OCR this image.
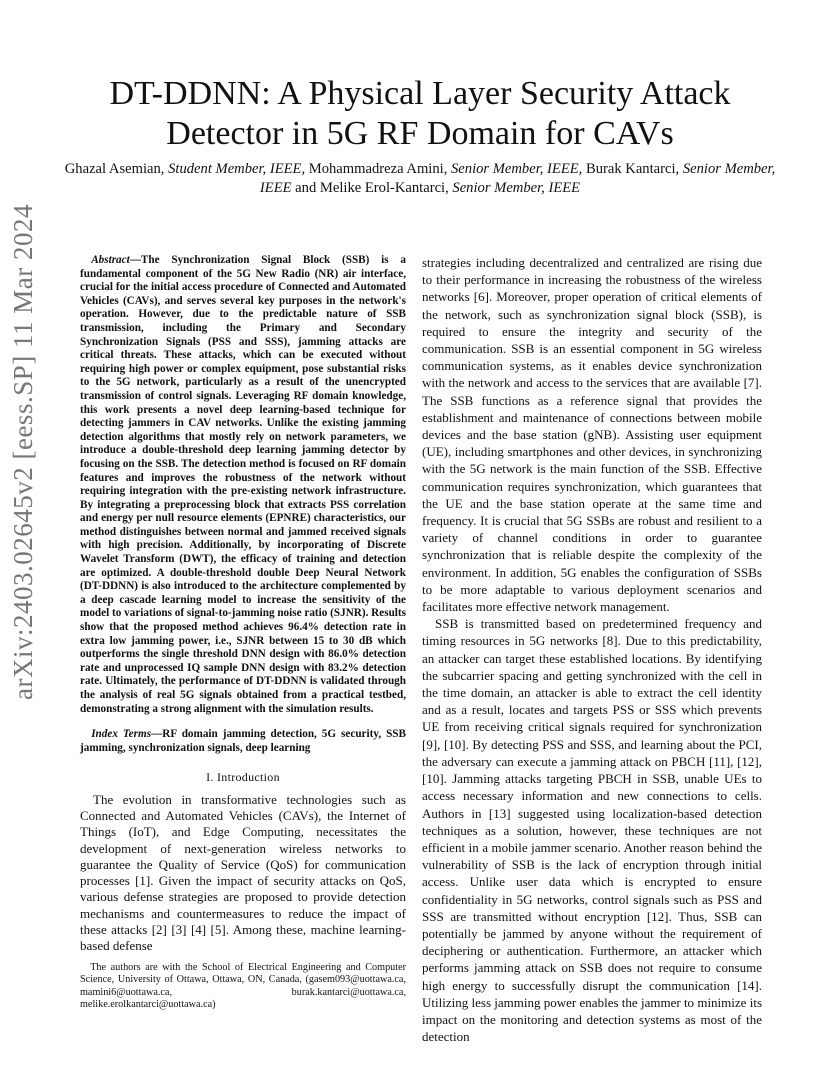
arXiv:2403.02645v2 [eess.SP] 11 Mar 2024
DT-DDNN: A Physical Layer Security Attack
Detector in 5G RF Domain for CAVs
Ghazal Asemian, Student Member, IEEE, Mohammadreza Amini, Senior Member, IEEE, Burak Kantarci, Senior Member, IEEE and Melike Erol-Kantarci, Senior Member, IEEE

Abstract—The Synchronization Signal Block (SSB) is a fundamental component of the 5G New Radio (NR) air interface, crucial for the initial access procedure of Connected and Automated Vehicles (CAVs), and serves several key purposes in the network's operation. However, due to the predictable nature of SSB transmission, including the Primary and Secondary Synchronization Signals (PSS and SSS), jamming attacks are critical threats. These attacks, which can be executed without requiring high power or complex equipment, pose substantial risks to the 5G network, particularly as a result of the unencrypted transmission of control signals. Leveraging RF domain knowledge, this work presents a novel deep learning-based technique for detecting jammers in CAV networks. Unlike the existing jamming detection algorithms that mostly rely on network parameters, we introduce a double-threshold deep learning jamming detector by focusing on the SSB. The detection method is focused on RF domain features and improves the robustness of the network without requiring integration with the pre-existing network infrastructure. By integrating a preprocessing block that extracts PSS correlation and energy per null resource elements (EPNRE) characteristics, our method distinguishes between normal and jammed received signals with high precision. Additionally, by incorporating of Discrete Wavelet Transform (DWT), the efficacy of training and detection are optimized. A double-threshold double Deep Neural Network (DT-DDNN) is also introduced to the architecture complemented by a deep cascade learning model to increase the sensitivity of the model to variations of signal-to-jamming noise ratio (SJNR). Results show that the proposed method achieves 96.4% detection rate in extra low jamming power, i.e., SJNR between 15 to 30 dB which outperforms the single threshold DNN design with 86.0% detection rate and unprocessed IQ sample DNN design with 83.2% detection rate. Ultimately, the performance of DT-DDNN is validated through the analysis of real 5G signals obtained from a practical testbed, demonstrating a strong alignment with the simulation results.

Index Terms—RF domain jamming detection, 5G security, SSB jamming, synchronization signals, deep learning

I. Introduction

The evolution in transformative technologies such as Connected and Automated Vehicles (CAVs), the Internet of Things (IoT), and Edge Computing, necessitates the development of next-generation wireless networks to guarantee the Quality of Service (QoS) for communication processes [1]. Given the impact of security attacks on QoS, various defense strategies are proposed to provide detection mechanisms and countermeasures to reduce the impact of these attacks [2] [3] [4] [5]. Among these, machine learning-based defense

The authors are with the School of Electrical Engineering and Computer Science, University of Ottawa, Ottawa, ON, Canada, (gasem093@uottawa.ca, mamini6@uottawa.ca, burak.kantarci@uottawa.ca, melike.erolkantarci@uottawa.ca)

strategies including decentralized and centralized are rising due to their performance in increasing the robustness of the wireless networks [6]. Moreover, proper operation of critical elements of the network, such as synchronization signal block (SSB), is required to ensure the integrity and security of the communication. SSB is an essential component in 5G wireless communication systems, as it enables device synchronization with the network and access to the services that are available [7]. The SSB functions as a reference signal that provides the establishment and maintenance of connections between mobile devices and the base station (gNB). Assisting user equipment (UE), including smartphones and other devices, in synchronizing with the 5G network is the main function of the SSB. Effective communication requires synchronization, which guarantees that the UE and the base station operate at the same time and frequency. It is crucial that 5G SSBs are robust and resilient to a variety of channel conditions in order to guarantee synchronization that is reliable despite the complexity of the environment. In addition, 5G enables the configuration of SSBs to be more adaptable to various deployment scenarios and facilitates more effective network management.

SSB is transmitted based on predetermined frequency and timing resources in 5G networks [8]. Due to this predictability, an attacker can target these established locations. By identifying the subcarrier spacing and getting synchronized with the cell in the time domain, an attacker is able to extract the cell identity and as a result, locates and targets PSS or SSS which prevents UE from receiving critical signals required for synchronization [9], [10]. By detecting PSS and SSS, and learning about the PCI, the adversary can execute a jamming attack on PBCH [11], [12], [10]. Jamming attacks targeting PBCH in SSB, unable UEs to access necessary information and new connections to cells. Authors in [13] suggested using localization-based detection techniques as a solution, however, these techniques are not efficient in a mobile jammer scenario. Another reason behind the vulnerability of SSB is the lack of encryption through initial access. Unlike user data which is encrypted to ensure confidentiality in 5G networks, control signals such as PSS and SSS are transmitted without encryption [12]. Thus, SSB can potentially be jammed by anyone without the requirement of deciphering or authentication. Furthermore, an attacker which performs jamming attack on SSB does not require to consume high energy to successfully disrupt the communication [14]. Utilizing less jamming power enables the jammer to minimize its impact on the monitoring and detection systems as most of the detection
